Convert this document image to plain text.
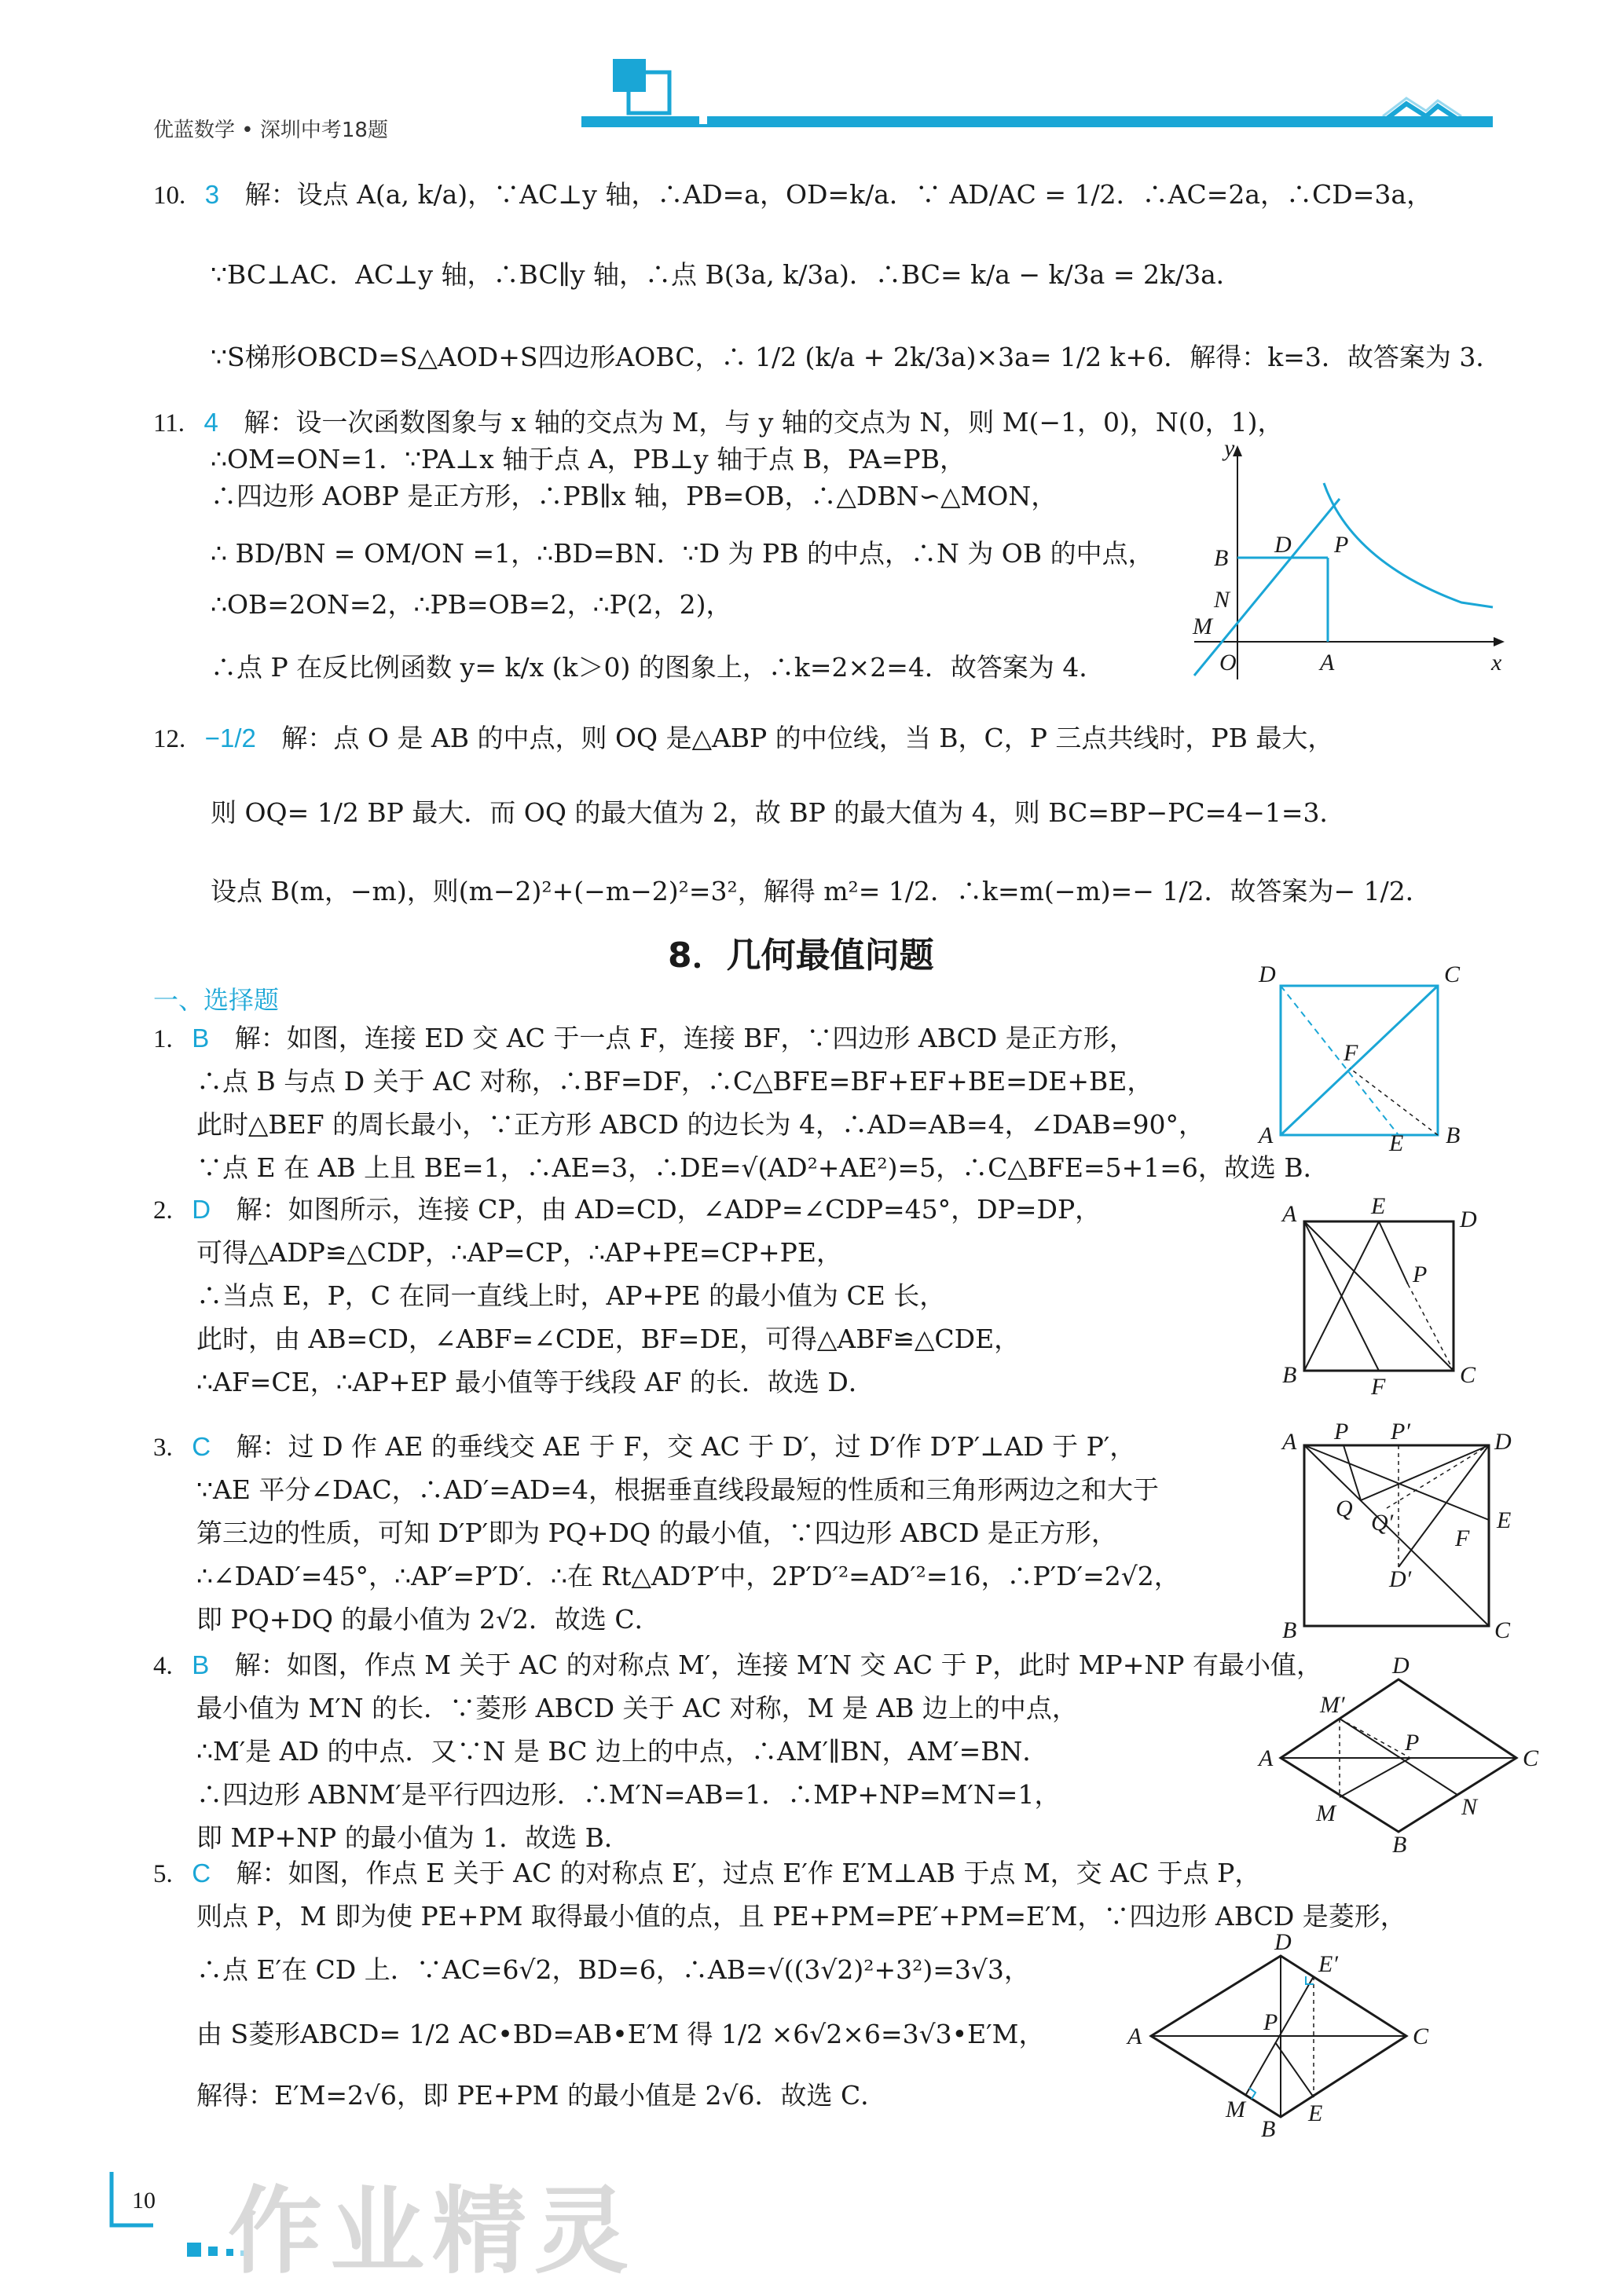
优蓝数学 • 深圳中考18题
10. 3 解：设点 A(a, k/a)，∵AC⊥y 轴，∴AD=a，OD=k/a．∵ AD/AC = 1/2．∴AC=2a，∴CD=3a，
∵BC⊥AC．AC⊥y 轴，∴BC∥y 轴，∴点 B(3a, k/3a)．∴BC= k/a − k/3a = 2k/3a．
∵S梯形OBCD=S△AOD+S四边形AOBC，∴ 1/2 (k/a + 2k/3a)×3a= 1/2 k+6．解得：k=3．故答案为 3．
11. 4 解：设一次函数图象与 x 轴的交点为 M，与 y 轴的交点为 N，则 M(−1，0)，N(0，1)，
∴OM=ON=1．∵PA⊥x 轴于点 A，PB⊥y 轴于点 B，PA=PB，
∴四边形 AOBP 是正方形，∴PB∥x 轴，PB=OB，∴△DBN∽△MON，
∴ BD/BN = OM/ON =1，∴BD=BN．∵D 为 PB 的中点，∴N 为 OB 的中点，
∴OB=2ON=2，∴PB=OB=2，∴P(2，2)，
∴点 P 在反比例函数 y= k/x (k＞0) 的图象上，∴k=2×2=4．故答案为 4．
y
B
D P
N
M
O	A	x
12. −1/2 解：点 O 是 AB 的中点，则 OQ 是△ABP 的中位线，当 B，C，P 三点共线时，PB 最大，
则 OQ= 1/2 BP 最大．而 OQ 的最大值为 2，故 BP 的最大值为 4，则 BC=BP−PC=4−1=3．
设点 B(m，−m)，则(m−2)²+(−m−2)²=3²，解得 m²= 1/2．∴k=m(−m)=− 1/2．故答案为− 1/2．
8．几何最值问题
一、选择题
D	C
F
A	E B
1. B 解：如图，连接 ED 交 AC 于一点 F，连接 BF，∵四边形 ABCD 是正方形，
∴点 B 与点 D 关于 AC 对称，∴BF=DF，∴C△BFE=BF+EF+BE=DE+BE，
此时△BEF 的周长最小，∵正方形 ABCD 的边长为 4，∴AD=AB=4，∠DAB=90°，
∵点 E 在 AB 上且 BE=1，∴AE=3，∴DE=√(AD²+AE²)=5，∴C△BFE=5+1=6，故选 B．
A	E
D
P
B	F	C
2. D 解：如图所示，连接 CP，由 AD=CD，∠ADP=∠CDP=45°，DP=DP，
可得△ADP≌△CDP，∴AP=CP，∴AP+PE=CP+PE，
∴当点 E，P，C 在同一直线上时，AP+PE 的最小值为 CE 长，
此时，由 AB=CD，∠ABF=∠CDE，BF=DE，可得△ABF≌△CDE，
∴AF=CE，∴AP+EP 最小值等于线段 AF 的长．故选 D．
3. C 解：过 D 作 AE 的垂线交 AE 于 F，交 AC 于 D′，过 D′作 D′P′⊥AD 于 P′，
∵AE 平分∠DAC，∴AD′=AD=4，根据垂直线段最短的性质和三角形两边之和大于
第三边的性质，可知 D′P′即为 PQ+DQ 的最小值，∵四边形 ABCD 是正方形，
∴∠DAD′=45°，∴AP′=P′D′．∴在 Rt△AD′P′中，2P′D′²=AD′²=16，∴P′D′=2√2，
即 PQ+DQ 的最小值为 2√2．故选 C．
A P P′	D
Q
Q′	E
F
D′
B	C
4. B 解：如图，作点 M 关于 AC 的对称点 M′，连接 M′N 交 AC 于 P，此时 MP+NP 有最小值，
最小值为 M′N 的长．∵菱形 ABCD 关于 AC 对称，M 是 AB 边上的中点，
∴M′是 AD 的中点．又∵N 是 BC 边上的中点，∴AM′∥BN，AM′=BN．
∴四边形 ABNM′是平行四边形．∴M′N=AB=1．∴MP+NP=M′N=1，
即 MP+NP 的最小值为 1．故选 B．
D
M′
A
P
C
M	N
B
5. C 解：如图，作点 E 关于 AC 的对称点 E′，过点 E′作 E′M⊥AB 于点 M，交 AC 于点 P，
则点 P，M 即为使 PE+PM 取得最小值的点，且 PE+PM=PE′+PM=E′M，∵四边形 ABCD 是菱形，
∴点 E′在 CD 上．∵AC=6√2，BD=6，∴AB=√((3√2)²+3²)=3√3，
由 S菱形ABCD= 1/2 AC•BD=AB•E′M 得 1/2 ×6√2×6=3√3•E′M，
解得：E′M=2√6，即 PE+PM 的最小值是 2√6．故选 C．
D
E′
A
P
C
M
B
E
10 作业精灵
